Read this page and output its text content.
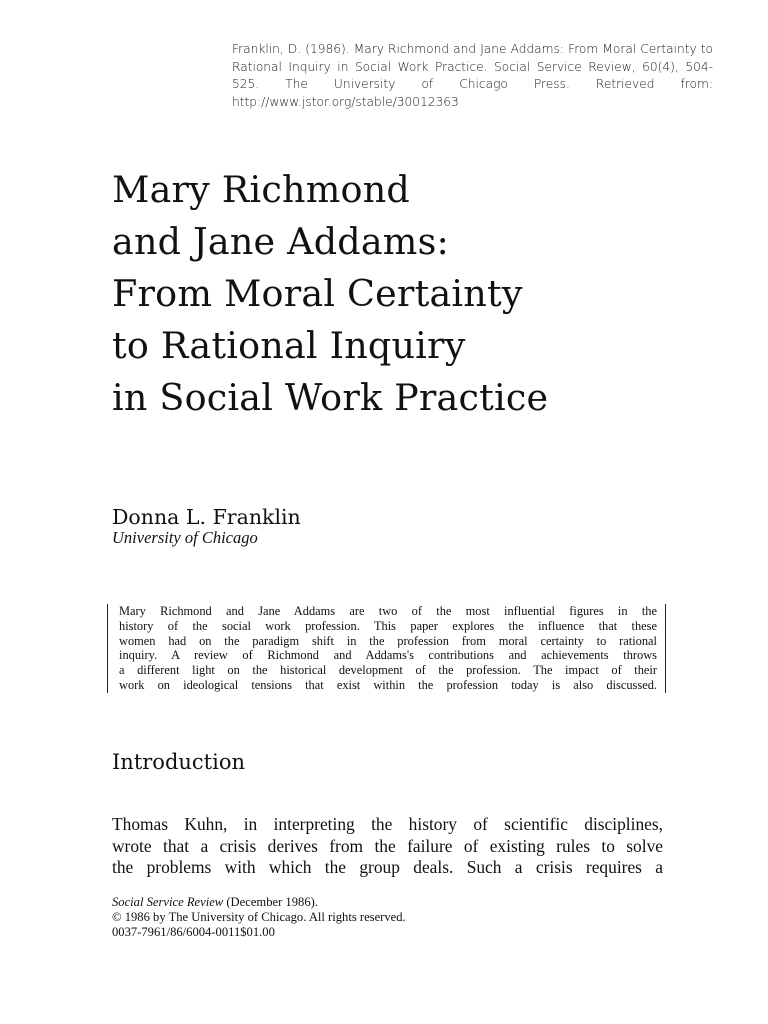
Franklin, D. (1986). Mary Richmond and Jane Addams: From Moral Certainty to Rational Inquiry in Social Work Practice. Social Service Review, 60(4), 504-525. The University of Chicago Press. Retrieved from: http://www.jstor.org/stable/30012363
Mary Richmond
and Jane Addams:
From Moral Certainty
to Rational Inquiry
in Social Work Practice
Donna L. Franklin
University of Chicago
Mary Richmond and Jane Addams are two of the most influential figures in the
history of the social work profession. This paper explores the influence that these
women had on the paradigm shift in the profession from moral certainty to rational
inquiry. A review of Richmond and Addams's contributions and achievements throws
a different light on the historical development of the profession. The impact of their
work on ideological tensions that exist within the profession today is also discussed.
Introduction
Thomas Kuhn, in interpreting the history of scientific disciplines,
wrote that a crisis derives from the failure of existing rules to solve
the problems with which the group deals. Such a crisis requires a
Social Service Review (December 1986).
© 1986 by The University of Chicago. All rights reserved.
0037-7961/86/6004-0011$01.00
